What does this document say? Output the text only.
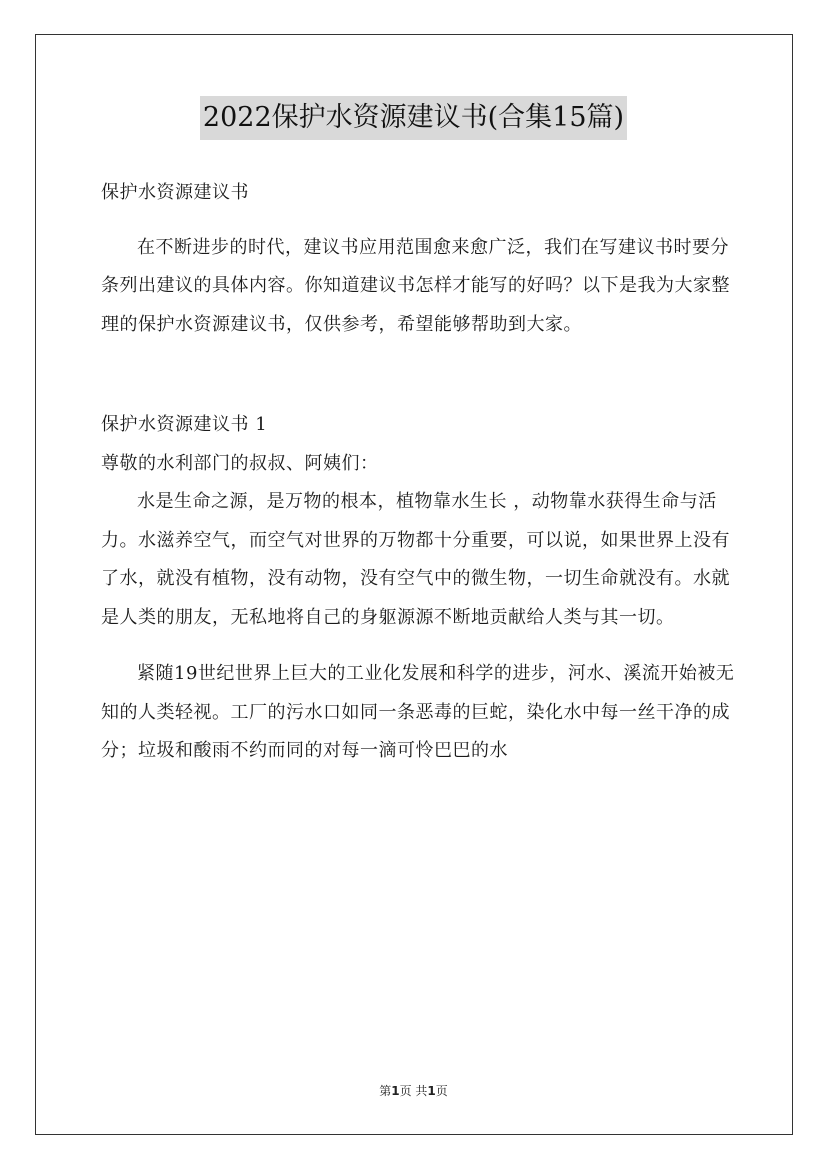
2022保护水资源建议书(合集15篇)

保护水资源建议书

在不断进步的时代，建议书应用范围愈来愈广泛，我们在写建议书时要分条列出建议的具体内容。你知道建议书怎样才能写的好吗？以下是我为大家整理的保护水资源建议书，仅供参考，希望能够帮助到大家。

保护水资源建议书 1

尊敬的水利部门的叔叔、阿姨们：

水是生命之源，是万物的根本，植物靠水生长 ，动物靠水获得生命与活力。水滋养空气，而空气对世界的万物都十分重要，可以说，如果世界上没有了水，就没有植物，没有动物，没有空气中的微生物，一切生命就没有。水就是人类的朋友，无私地将自己的身躯源源不断地贡献给人类与其一切。

紧随19世纪世界上巨大的工业化发展和科学的进步，河水、溪流开始被无知的人类轻视。工厂的污水口如同一条恶毒的巨蛇，染化水中每一丝干净的成分；垃圾和酸雨不约而同的对每一滴可怜巴巴的水

第1页 共1页
